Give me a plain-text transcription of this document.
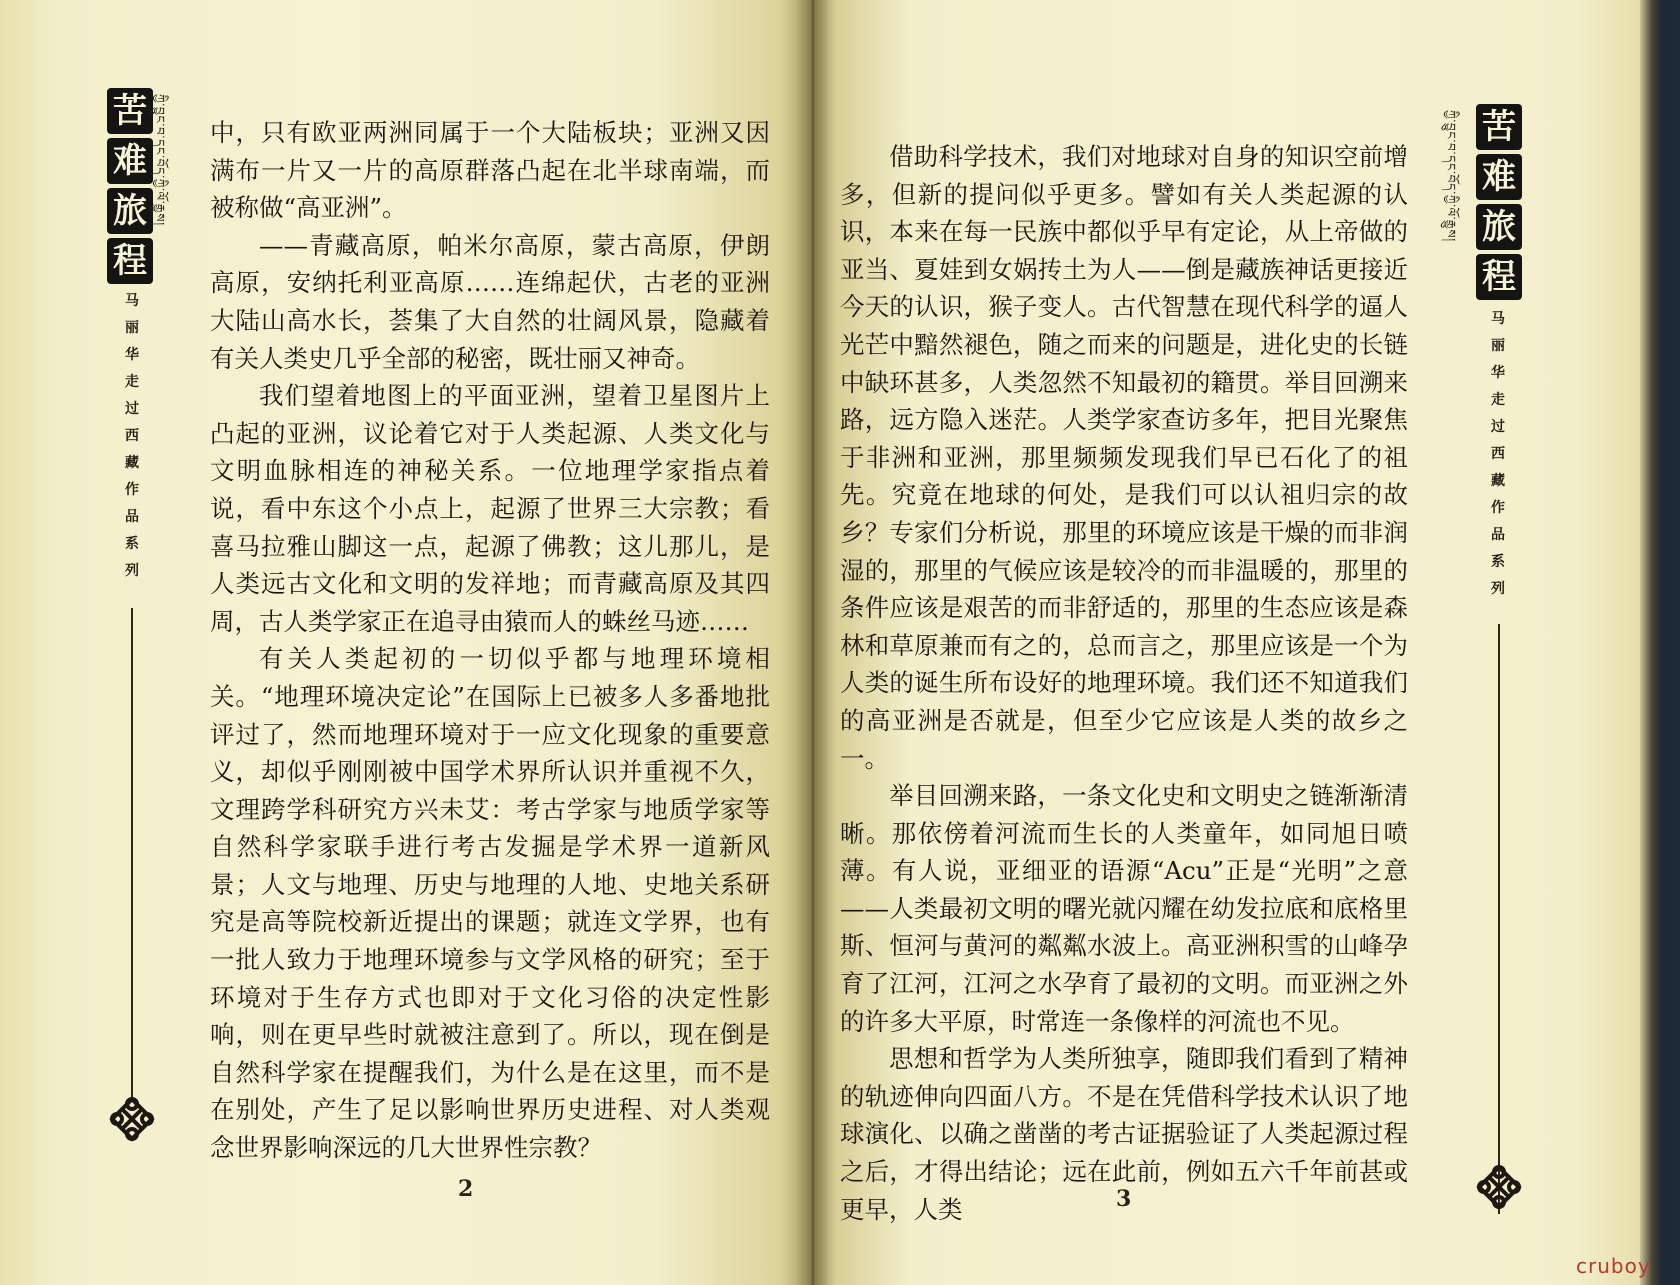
苦
难
旅
程
ཀྱི་བྱུང་བ་དང་བོད་ཀྱི་ལོ་རྒྱུས།
马
丽
华
走
过
西
藏
作
品
系
列

中，只有欧亚两洲同属于一个大陆板块；亚洲又因满布一片又一片的高原群落凸起在北半球南端，而被称做“高亚洲”。

——青藏高原，帕米尔高原，蒙古高原，伊朗高原，安纳托利亚高原……连绵起伏，古老的亚洲大陆山高水长，荟集了大自然的壮阔风景，隐藏着有关人类史几乎全部的秘密，既壮丽又神奇。

我们望着地图上的平面亚洲，望着卫星图片上凸起的亚洲，议论着它对于人类起源、人类文化与文明血脉相连的神秘关系。一位地理学家指点着说，看中东这个小点上，起源了世界三大宗教；看喜马拉雅山脚这一点，起源了佛教；这儿那儿，是人类远古文化和文明的发祥地；而青藏高原及其四周，古人类学家正在追寻由猿而人的蛛丝马迹……

有关人类起初的一切似乎都与地理环境相关。“地理环境决定论”在国际上已被多人多番地批评过了，然而地理环境对于一应文化现象的重要意义，却似乎刚刚被中国学术界所认识并重视不久，文理跨学科研究方兴未艾：考古学家与地质学家等自然科学家联手进行考古发掘是学术界一道新风景；人文与地理、历史与地理的人地、史地关系研究是高等院校新近提出的课题；就连文学界，也有一批人致力于地理环境参与文学风格的研究；至于环境对于生存方式也即对于文化习俗的决定性影响，则在更早些时就被注意到了。所以，现在倒是自然科学家在提醒我们，为什么是在这里，而不是在别处，产生了足以影响世界历史进程、对人类观念世界影响深远的几大世界性宗教？

2
ཀྱི་བྱུང་བ་དང་བོད་ཀྱི་ལོ་རྒྱུས། 苦
难
旅
程
马
丽
华
走
过
西
藏
作
品
系
列

借助科学技术，我们对地球对自身的知识空前增多，但新的提问似乎更多。譬如有关人类起源的认识，本来在每一民族中都似乎早有定论，从上帝做的亚当、夏娃到女娲抟土为人——倒是藏族神话更接近今天的认识，猴子变人。古代智慧在现代科学的逼人光芒中黯然褪色，随之而来的问题是，进化史的长链中缺环甚多，人类忽然不知最初的籍贯。举目回溯来路，远方隐入迷茫。人类学家查访多年，把目光聚焦于非洲和亚洲，那里频频发现我们早已石化了的祖先。究竟在地球的何处，是我们可以认祖归宗的故乡？专家们分析说，那里的环境应该是干燥的而非润湿的，那里的气候应该是较冷的而非温暖的，那里的条件应该是艰苦的而非舒适的，那里的生态应该是森林和草原兼而有之的，总而言之，那里应该是一个为人类的诞生所布设好的地理环境。我们还不知道我们的高亚洲是否就是，但至少它应该是人类的故乡之一。

举目回溯来路，一条文化史和文明史之链渐渐清晰。那依傍着河流而生长的人类童年，如同旭日喷薄。有人说，亚细亚的语源“Acu”正是“光明”之意——人类最初文明的曙光就闪耀在幼发拉底和底格里斯、恒河与黄河的粼粼水波上。高亚洲积雪的山峰孕育了江河，江河之水孕育了最初的文明。而亚洲之外的许多大平原，时常连一条像样的河流也不见。

思想和哲学为人类所独享，随即我们看到了精神的轨迹伸向四面八方。不是在凭借科学技术认识了地球演化、以确之凿凿的考古证据验证了人类起源过程之后，才得出结论；远在此前，例如五六千年前甚或更早，人类	3
cruboy
